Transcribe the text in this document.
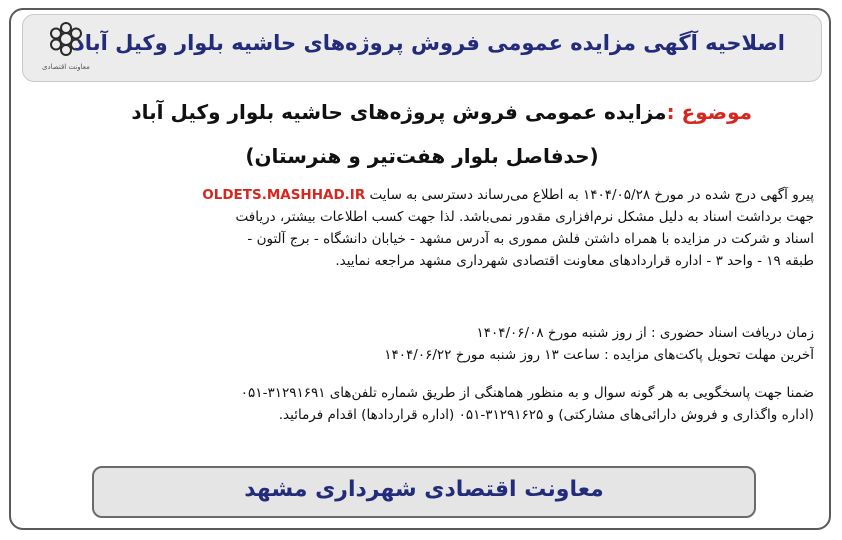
معاونت اقتصادی
اصلاحیه آگهی مزایده عمومی فروش پروژه‌های حاشیه بلوار وکیل آباد
موضوع :مزایده عمومی فروش پروژه‌های حاشیه بلوار وکیل آباد
(حدفاصل بلوار هفت‌تیر و هنرستان)
پیرو آگهی درج شده در مورخ ۱۴۰۴/۰۵/۲۸ به اطلاع می‌رساند دسترسی به سایت OLDETS.MASHHAD.IR
جهت برداشت اسناد به دلیل مشکل نرم‌افزاری مقدور نمی‌باشد. لذا جهت کسب اطلاعات بیشتر، دریافت
اسناد و شرکت در مزایده با همراه داشتن فلش مموری به آدرس مشهد - خیابان دانشگاه - برج آلتون -
طبقه ۱۹ - واحد ۳ - اداره قراردادهای معاونت اقتصادی شهرداری مشهد مراجعه نمایید.
زمان دریافت اسناد حضوری : از روز شنبه مورخ ۱۴۰۴/۰۶/۰۸
آخرین مهلت تحویل پاکت‌های مزایده : ساعت ۱۳ روز شنبه مورخ ۱۴۰۴/۰۶/۲۲
ضمنا جهت پاسخگویی به هر گونه سوال و به منظور هماهنگی از طریق شماره تلفن‌های ۳۱۲۹۱۶۹۱-۰۵۱
(اداره واگذاری و فروش دارائی‌های مشارکتی) و ۳۱۲۹۱۶۲۵-۰۵۱ (اداره قراردادها) اقدام فرمائید.
معاونت اقتصادی شهرداری مشهد
